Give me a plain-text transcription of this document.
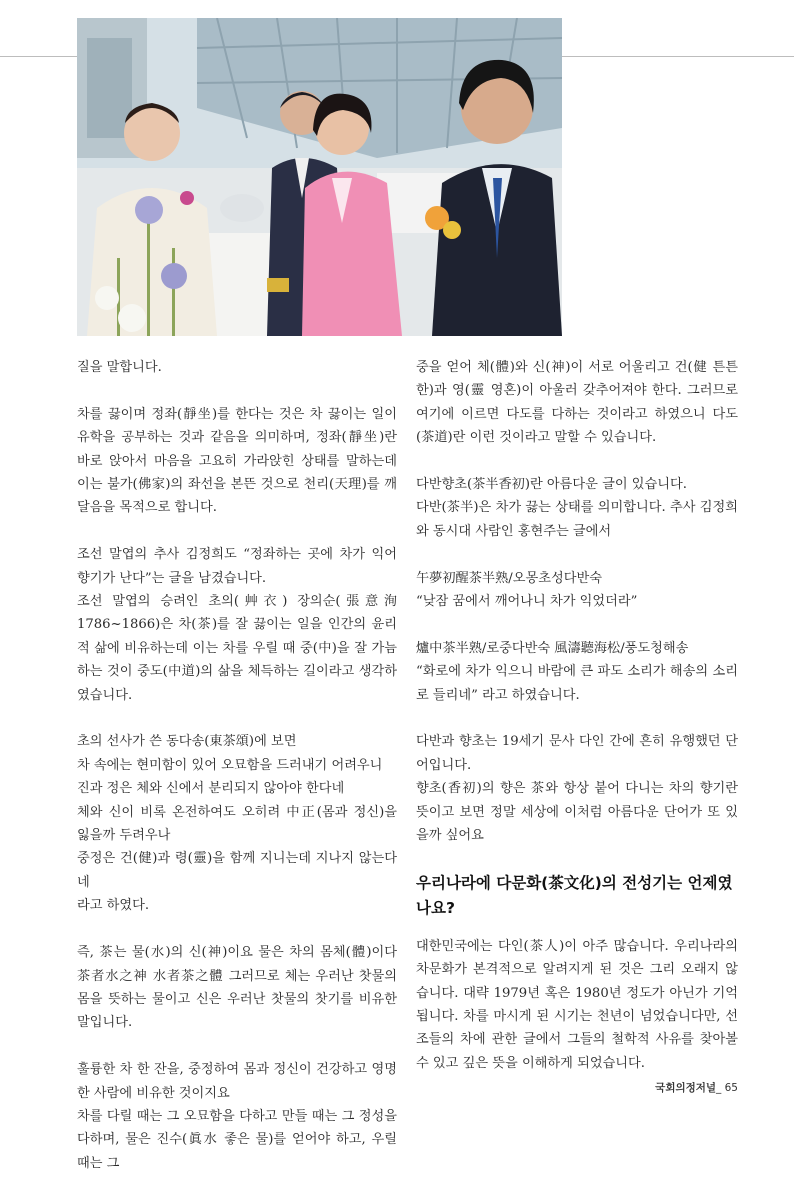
질을 말합니다.

차를 끓이며 정좌(靜坐)를 한다는 것은 차 끓이는 일이 유학을 공부하는 것과 같음을 의미하며, 정좌(靜坐)란 바로 앉아서 마음을 고요히 가라앉힌 상태를 말하는데 이는 불가(佛家)의 좌선을 본뜬 것으로 천리(天理)를 깨달음을 목적으로 합니다.

조선 말엽의 추사 김정희도 “정좌하는 곳에 차가 익어 향기가 난다”는 글을 남겼습니다.

조선 말엽의 승려인 초의(艸衣) 장의순(張意洵 1786~1866)은 차(茶)를 잘 끓이는 일을 인간의 윤리적 삶에 비유하는데 이는 차를 우릴 때 중(中)을 잘 가늠하는 것이 중도(中道)의 삶을 체득하는 길이라고 생각하였습니다.

초의 선사가 쓴 동다송(東茶頌)에 보면
차 속에는 현미함이 있어 오묘함을 드러내기 어려우니
진과 정은 체와 신에서 분리되지 않아야 한다네
체와 신이 비록 온전하여도 오히려 中正(몸과 정신)을 잃을까 두려우나
중정은 건(健)과 령(靈)을 함께 지니는데 지나지 않는다네
라고 하였다.

즉, 茶는 물(水)의 신(神)이요 물은 차의 몸체(體)이다 茶者水之神 水者茶之體 그러므로 체는 우러난 찻물의 몸을 뜻하는 물이고 신은 우러난 찻물의 찻기를 비유한 말입니다.

훌륭한 차 한 잔을, 중정하여 몸과 정신이 건강하고 영명한 사람에 비유한 것이지요

차를 다릴 때는 그 오묘함을 다하고 만들 때는 그 정성을 다하며, 물은 진수(眞水 좋은 물)를 얻어야 하고, 우릴 때는 그

중을 얻어 체(體)와 신(神)이 서로 어울리고 건(健 튼튼한)과 영(靈 영혼)이 아울러 갖추어져야 한다. 그러므로 여기에 이르면 다도를 다하는 것이라고 하였으니 다도(茶道)란 이런 것이라고 말할 수 있습니다.

다반향초(茶半香初)란 아름다운 글이 있습니다.

다반(茶半)은 차가 끓는 상태를 의미합니다. 추사 김정희와 동시대 사람인 홍현주는 글에서

午夢初醒茶半熟/오몽초성다반숙

“낮잠 꿈에서 깨어나니 차가 익었더라”

爐中茶半熟/로중다반숙 風濤聽海松/풍도청해송

“화로에 차가 익으니 바람에 큰 파도 소리가 해송의 소리로 들리네” 라고 하였습니다.

다반과 향초는 19세기 문사 다인 간에 흔히 유행했던 단어입니다.

향초(香初)의 향은 茶와 항상 붙어 다니는 차의 향기란 뜻이고 보면 정말 세상에 이처럼 아름다운 단어가 또 있을까 싶어요

우리나라에 다문화(茶文化)의 전성기는 언제였나요?

대한민국에는 다인(茶人)이 아주 많습니다. 우리나라의 차문화가 본격적으로 알려지게 된 것은 그리 오래지 않습니다. 대략 1979년 혹은 1980년 정도가 아닌가 기억됩니다. 차를 마시게 된 시기는 천년이 넘었습니다만, 선조들의 차에 관한 글에서 그들의 철학적 사유를 찾아볼 수 있고 깊은 뜻을 이해하게 되었습니다.

국회의정저널_ 65
